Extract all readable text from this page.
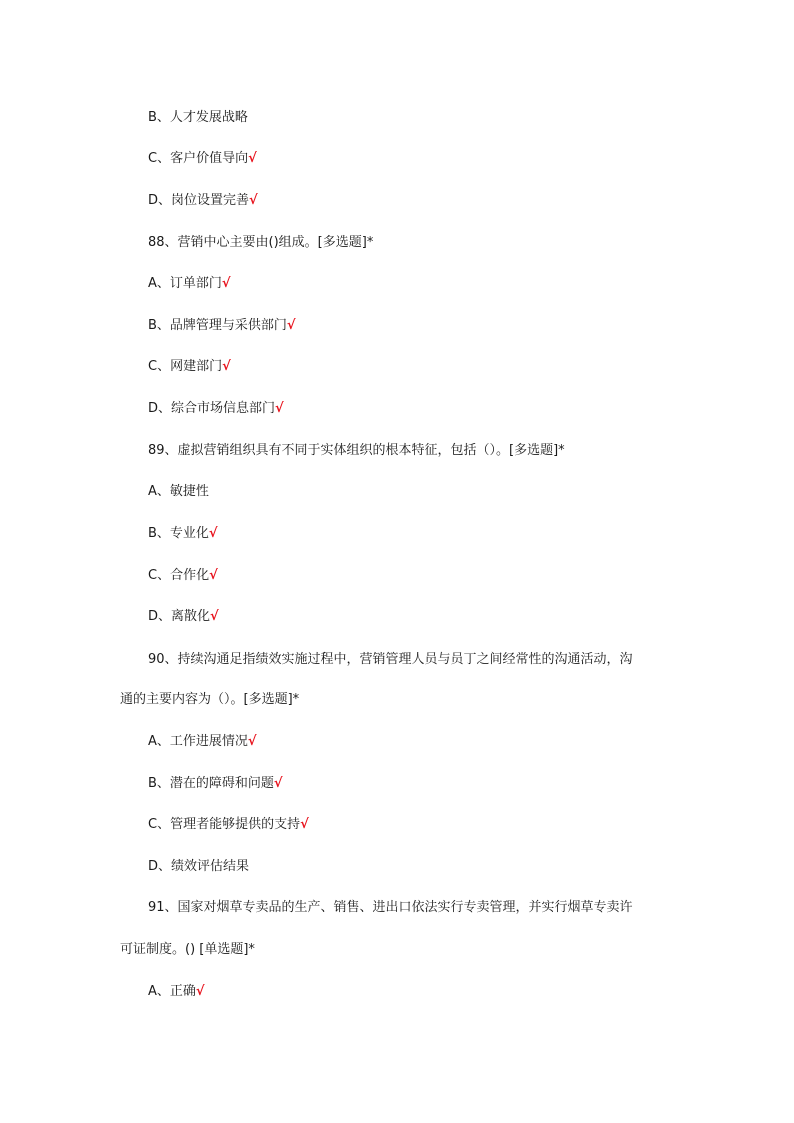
B、人才发展战略
C、客户价值导向√
D、岗位设置完善√
88、营销中心主要由()组成。[多选题]*
A、订单部门√
B、品牌管理与采供部门√
C、网建部门√
D、综合市场信息部门√
89、虚拟营销组织具有不同于实体组织的根本特征，包括（）。[多选题]*
A、敏捷性
B、专业化√
C、合作化√
D、离散化√
90、持续沟通足指绩效实施过程中，营销管理人员与员丁之间经常性的沟通活动，沟
通的主要内容为（）。[多选题]*
A、工作进展情况√
B、潜在的障碍和问题√
C、管理者能够提供的支持√
D、绩效评估结果
91、国家对烟草专卖品的生产、销售、进出口依法实行专卖管理，并实行烟草专卖许
可证制度。() [单选题]*
A、正确√
